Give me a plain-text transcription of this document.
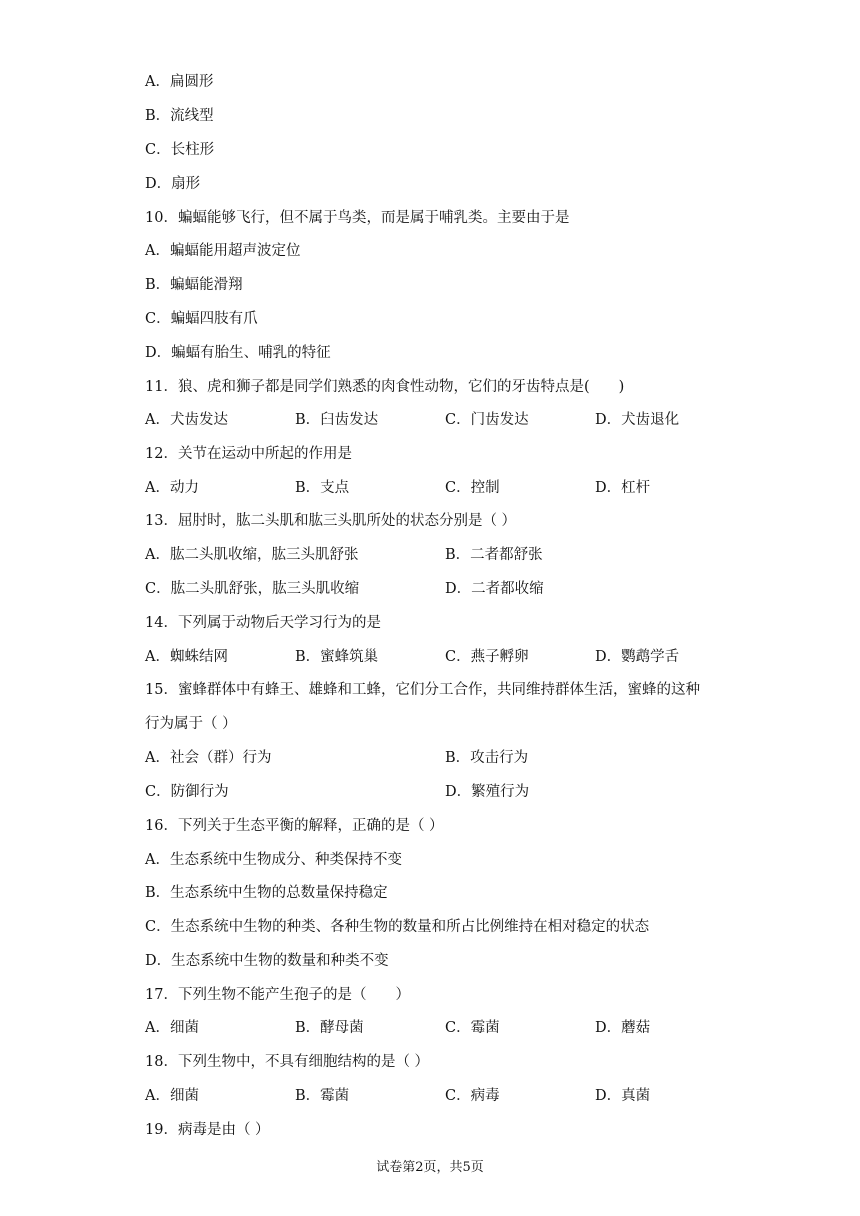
A．扁圆形
B．流线型
C．长柱形
D．扇形
10．蝙蝠能够飞行，但不属于鸟类，而是属于哺乳类。主要由于是
A．蝙蝠能用超声波定位
B．蝙蝠能滑翔
C．蝙蝠四肢有爪
D．蝙蝠有胎生、哺乳的特征
11．狼、虎和狮子都是同学们熟悉的肉食性动物，它们的牙齿特点是(　　)
A．犬齿发达	B．臼齿发达	C．门齿发达	D．犬齿退化
12．关节在运动中所起的作用是
A．动力	B．支点	C．控制	D．杠杆
13．屈肘时，肱二头肌和肱三头肌所处的状态分别是（ ）
A．肱二头肌收缩，肱三头肌舒张	B．二者都舒张
C．肱二头肌舒张，肱三头肌收缩	D．二者都收缩
14．下列属于动物后天学习行为的是
A．蜘蛛结网	B．蜜蜂筑巢	C．燕子孵卵	D．鹦鹉学舌
15．蜜蜂群体中有蜂王、雄蜂和工蜂，它们分工合作，共同维持群体生活，蜜蜂的这种
行为属于（ ）
A．社会（群）行为	B．攻击行为
C．防御行为	D．繁殖行为
16．下列关于生态平衡的解释，正确的是（ ）
A．生态系统中生物成分、种类保持不变
B．生态系统中生物的总数量保持稳定
C．生态系统中生物的种类、各种生物的数量和所占比例维持在相对稳定的状态
D．生态系统中生物的数量和种类不变
17．下列生物不能产生孢子的是（　　）
A．细菌	B．酵母菌	C．霉菌	D．蘑菇
18．下列生物中，不具有细胞结构的是（ ）
A．细菌	B．霉菌	C．病毒	D．真菌
19．病毒是由（ ）
试卷第2页，共5页
